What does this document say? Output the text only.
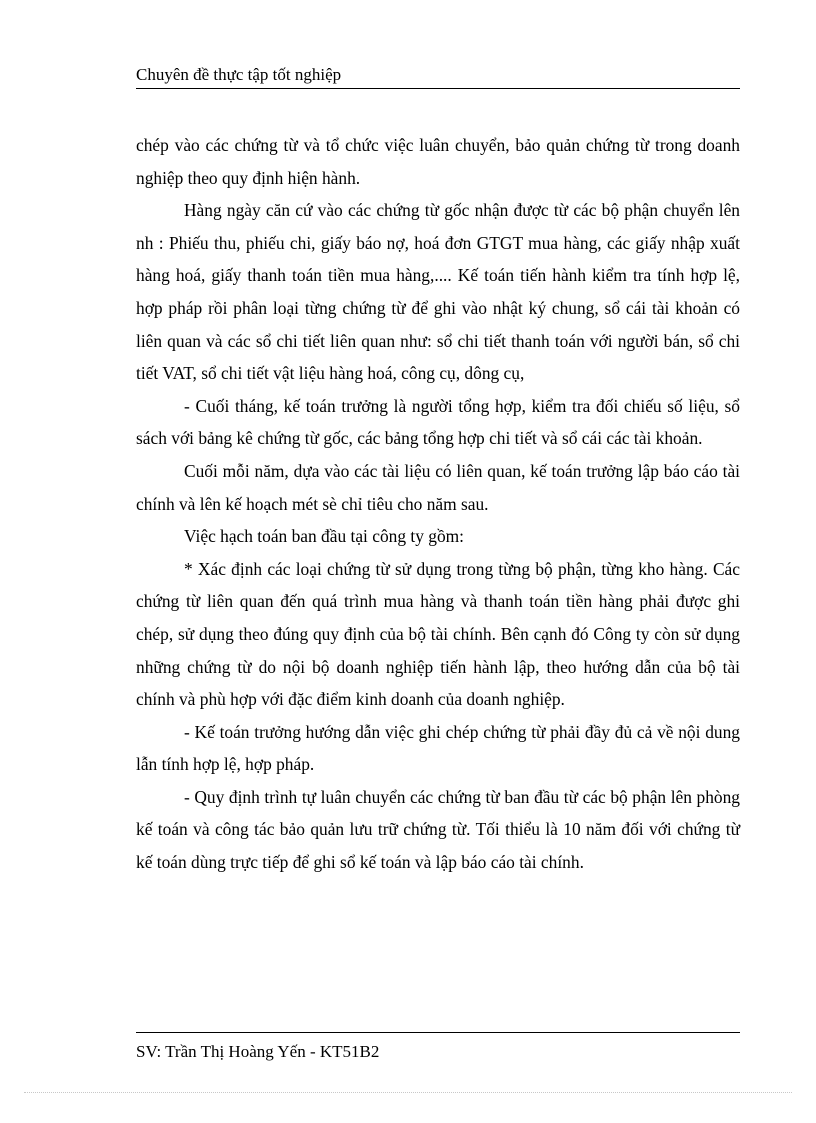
Chuyên đề thực tập tốt nghiệp

chép vào các chứng từ và tổ chức việc luân chuyển, bảo quản chứng từ trong doanh nghiệp theo quy định hiện hành.

Hàng ngày căn cứ vào các chứng từ gốc nhận được từ các bộ phận chuyển lên nh : Phiếu thu, phiếu chi, giấy báo nợ, hoá đơn GTGT mua hàng, các giấy nhập xuất hàng hoá, giấy thanh toán tiền mua hàng,.... Kế toán tiến hành kiểm tra tính hợp lệ, hợp pháp rồi phân loại từng chứng từ để ghi vào nhật ký chung, sổ cái tài khoản có liên quan và các sổ chi tiết liên quan như: sổ chi tiết thanh toán với người bán, sổ chi tiết VAT, sổ chi tiết vật liệu hàng hoá, công cụ, dông cụ,

- Cuối tháng, kế toán trưởng là người tổng hợp, kiểm tra đối chiếu số liệu, sổ sách với bảng kê chứng từ gốc, các bảng tổng hợp chi tiết và sổ cái các tài khoản.

Cuối mỗi năm, dựa vào các tài liệu có liên quan, kế toán trưởng lập báo cáo tài chính và lên kế hoạch mét sè chỉ tiêu cho năm sau.

Việc hạch toán ban đầu tại công ty gồm:

* Xác định các loại chứng từ sử dụng trong từng bộ phận, từng kho hàng. Các chứng từ liên quan đến quá trình mua hàng và thanh toán tiền hàng phải được ghi chép, sử dụng theo đúng quy định của bộ tài chính. Bên cạnh đó Công ty còn sử dụng những chứng từ do nội bộ doanh nghiệp tiến hành lập, theo hướng dẫn của bộ tài chính và phù hợp với đặc điểm kinh doanh của doanh nghiệp.

- Kế toán trưởng hướng dẫn việc ghi chép chứng từ phải đầy đủ cả về nội dung lẫn tính hợp lệ, hợp pháp.

- Quy định trình tự luân chuyển các chứng từ ban đầu từ các bộ phận lên phòng kế toán và công tác bảo quản lưu trữ chứng từ. Tối thiểu là 10 năm đối với chứng từ kế toán dùng trực tiếp để ghi sổ kế toán và lập báo cáo tài chính.

SV: Trần Thị Hoàng Yến - KT51B2
